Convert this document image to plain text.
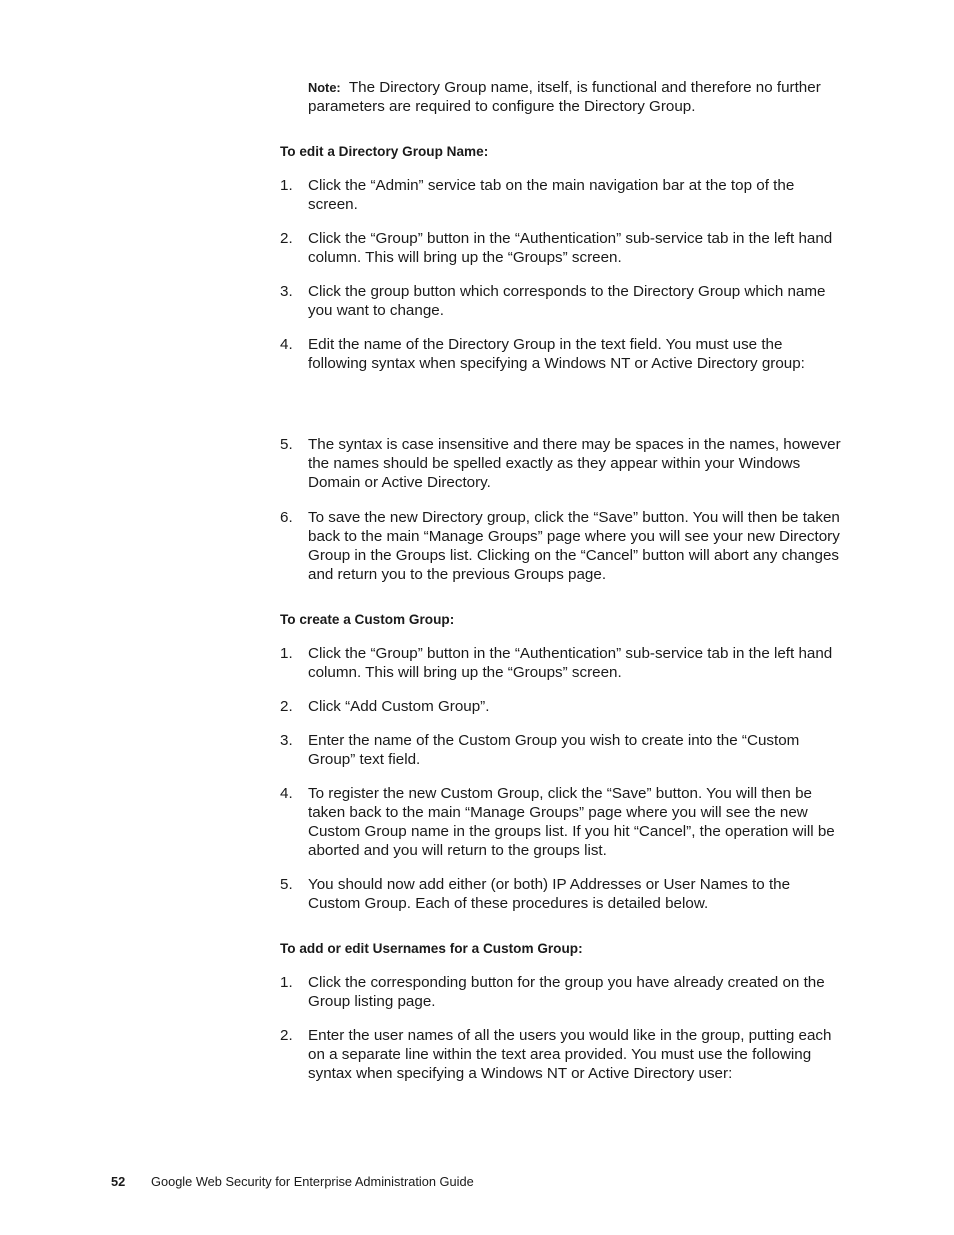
Note: The Directory Group name, itself, is functional and therefore no further parameters are required to configure the Directory Group.

To edit a Directory Group Name:

1. Click the “Admin” service tab on the main navigation bar at the top of the screen.
2. Click the “Group” button in the “Authentication” sub-service tab in the left hand column. This will bring up the “Groups” screen.
3. Click the group button which corresponds to the Directory Group which name you want to change.
4. Edit the name of the Directory Group in the text field. You must use the following syntax when specifying a Windows NT or Active Directory group:
5. The syntax is case insensitive and there may be spaces in the names, however the names should be spelled exactly as they appear within your Windows Domain or Active Directory.
6. To save the new Directory group, click the “Save” button. You will then be taken back to the main “Manage Groups” page where you will see your new Directory Group in the Groups list. Clicking on the “Cancel” button will abort any changes and return you to the previous Groups page.

To create a Custom Group:

1. Click the “Group” button in the “Authentication” sub-service tab in the left hand column. This will bring up the “Groups” screen.
2. Click “Add Custom Group”.
3. Enter the name of the Custom Group you wish to create into the “Custom Group” text field.
4. To register the new Custom Group, click the “Save” button. You will then be taken back to the main “Manage Groups” page where you will see the new Custom Group name in the groups list. If you hit “Cancel”, the operation will be aborted and you will return to the groups list.
5. You should now add either (or both) IP Addresses or User Names to the Custom Group. Each of these procedures is detailed below.

To add or edit Usernames for a Custom Group:

1. Click the corresponding button for the group you have already created on the Group listing page.
2. Enter the user names of all the users you would like in the group, putting each on a separate line within the text area provided. You must use the following syntax when specifying a Windows NT or Active Directory user:
52 Google Web Security for Enterprise Administration Guide
